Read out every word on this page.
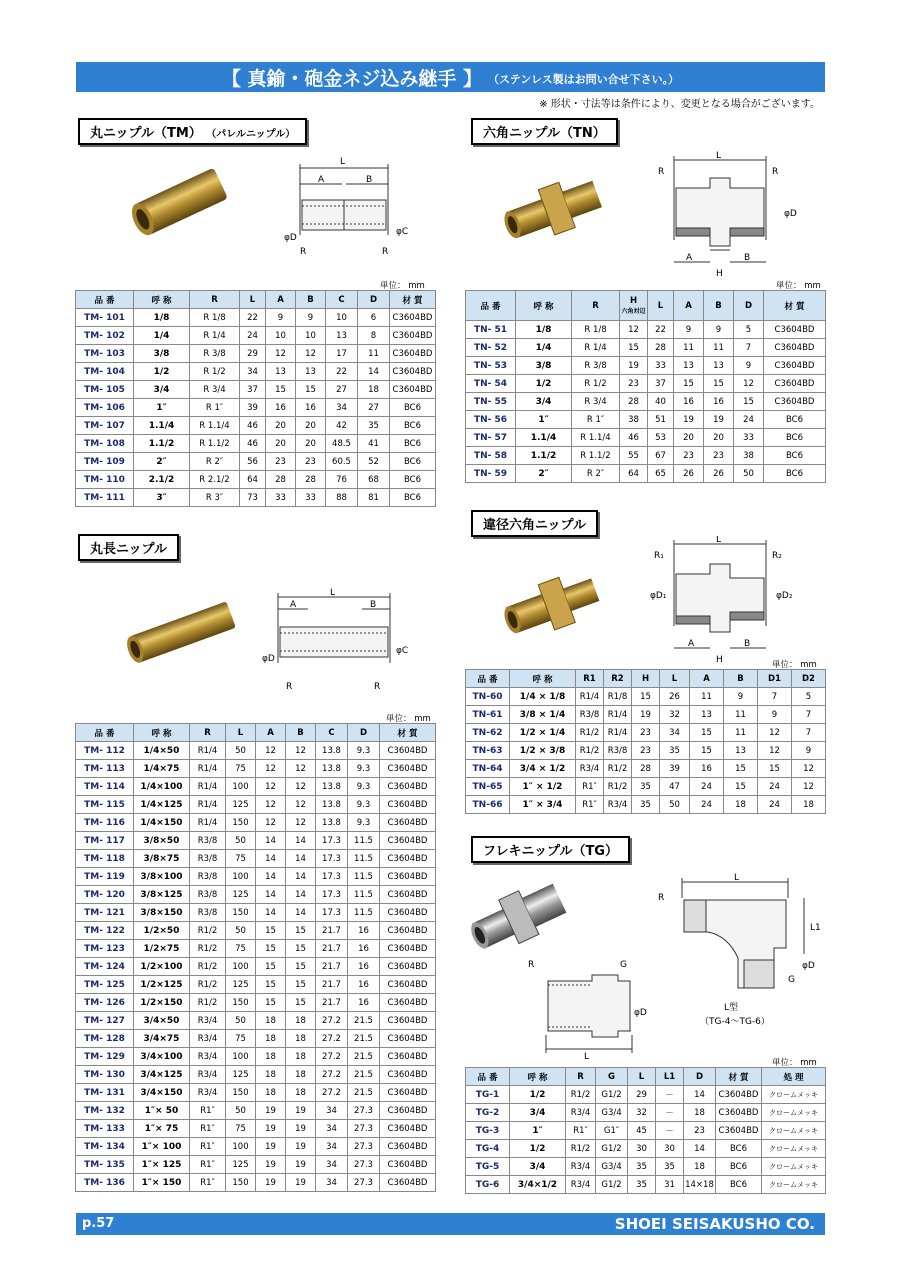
【 真鍮・砲金ネジ込み継手 】 （ステンレス製はお問い合せ下さい。）
※ 形状・寸法等は条件により、変更となる場合がございます。
丸ニップル（TM） （パレルニップル）
L
A	B
φD
φC
R	R
単位： mm
品 番	呼 称	R	L	A	B	C	D	材 質
TM- 101	1/8	R 1/8	22	9	9	10	6	C3604BD
TM- 102	1/4	R 1/4	24	10	10	13	8	C3604BD
TM- 103	3/8	R 3/8	29	12	12	17	11	C3604BD
TM- 104	1/2	R 1/2	34	13	13	22	14	C3604BD
TM- 105	3/4	R 3/4	37	15	15	27	18	C3604BD
TM- 106	1″	R 1″	39	16	16	34	27	BC6
TM- 107	1.1/4	R 1.1/4	46	20	20	42	35	BC6
TM- 108	1.1/2	R 1.1/2	46	20	20	48.5	41	BC6
TM- 109	2″	R 2″	56	23	23	60.5	52	BC6
TM- 110	2.1/2	R 2.1/2	64	28	28	76	68	BC6
TM- 111	3″	R 3″	73	33	33	88	81	BC6
六角ニップル（TN）
L
A	B
H
φD
R	R
単位： mm
品 番	呼 称	R	H
六角対辺	L	A	B	D	材 質
TN- 51	1/8	R 1/8	12	22	9	9	5	C3604BD
TN- 52	1/4	R 1/4	15	28	11	11	7	C3604BD
TN- 53	3/8	R 3/8	19	33	13	13	9	C3604BD
TN- 54	1/2	R 1/2	23	37	15	15	12	C3604BD
TN- 55	3/4	R 3/4	28	40	16	16	15	C3604BD
TN- 56	1″	R 1″	38	51	19	19	24	BC6
TN- 57	1.1/4	R 1.1/4	46	53	20	20	33	BC6
TN- 58	1.1/2	R 1.1/2	55	67	23	23	38	BC6
TN- 59	2″	R 2″	64	65	26	26	50	BC6
丸長ニップル
L
A	B
φD
φC
R	R
単位： mm
品 番	呼 称	R	L	A	B	C	D	材 質
TM- 112	1/4×50	R1/4	50	12	12	13.8	9.3	C3604BD
TM- 113	1/4×75	R1/4	75	12	12	13.8	9.3	C3604BD
TM- 114	1/4×100	R1/4	100	12	12	13.8	9.3	C3604BD
TM- 115	1/4×125	R1/4	125	12	12	13.8	9.3	C3604BD
TM- 116	1/4×150	R1/4	150	12	12	13.8	9.3	C3604BD
TM- 117	3/8×50	R3/8	50	14	14	17.3	11.5	C3604BD
TM- 118	3/8×75	R3/8	75	14	14	17.3	11.5	C3604BD
TM- 119	3/8×100	R3/8	100	14	14	17.3	11.5	C3604BD
TM- 120	3/8×125	R3/8	125	14	14	17.3	11.5	C3604BD
TM- 121	3/8×150	R3/8	150	14	14	17.3	11.5	C3604BD
TM- 122	1/2×50	R1/2	50	15	15	21.7	16	C3604BD
TM- 123	1/2×75	R1/2	75	15	15	21.7	16	C3604BD
TM- 124	1/2×100	R1/2	100	15	15	21.7	16	C3604BD
TM- 125	1/2×125	R1/2	125	15	15	21.7	16	C3604BD
TM- 126	1/2×150	R1/2	150	15	15	21.7	16	C3604BD
TM- 127	3/4×50	R3/4	50	18	18	27.2	21.5	C3604BD
TM- 128	3/4×75	R3/4	75	18	18	27.2	21.5	C3604BD
TM- 129	3/4×100	R3/4	100	18	18	27.2	21.5	C3604BD
TM- 130	3/4×125	R3/4	125	18	18	27.2	21.5	C3604BD
TM- 131	3/4×150	R3/4	150	18	18	27.2	21.5	C3604BD
TM- 132	1″× 50	R1″	50	19	19	34	27.3	C3604BD
TM- 133	1″× 75	R1″	75	19	19	34	27.3	C3604BD
TM- 134	1″× 100	R1″	100	19	19	34	27.3	C3604BD
TM- 135	1″× 125	R1″	125	19	19	34	27.3	C3604BD
TM- 136	1″× 150	R1″	150	19	19	34	27.3	C3604BD
違径六角ニップル
L
A	B
H
φD₁	φD₂
R₁	R₂
単位： mm
品 番	呼 称	R1	R2	H	L	A	B	D1	D2
TN-60	1/4 × 1/8	R1/4	R1/8	15	26	11	9	7	5
TN-61	3/8 × 1/4	R3/8	R1/4	19	32	13	11	9	7
TN-62	1/2 × 1/4	R1/2	R1/4	23	34	15	11	12	7
TN-63	1/2 × 3/8	R1/2	R3/8	23	35	15	13	12	9
TN-64	3/4 × 1/2	R3/4	R1/2	28	39	16	15	15	12
TN-65	1″ × 1/2	R1″	R1/2	35	47	24	15	24	12
TN-66	1″ × 3/4	R1″	R3/4	35	50	24	18	24	18
フレキニップル（TG）
R	G
φD
L
L
L1
R
G
φD
L型
（TG-4～TG-6）
単位： mm
品 番	呼 称	R	G	L	L1	D	材 質	処 理
TG-1	1/2	R1/2	G1/2	29	－	14	C3604BD	クロームメッキ
TG-2	3/4	R3/4	G3/4	32	－	18	C3604BD	クロームメッキ
TG-3	1″	R1″	G1″	45	－	23	C3604BD	クロームメッキ
TG-4	1/2	R1/2	G1/2	30	30	14	BC6	クロームメッキ
TG-5	3/4	R3/4	G3/4	35	35	18	BC6	クロームメッキ
TG-6	3/4×1/2	R3/4	G1/2	35	31	14×18	BC6	クロームメッキ
p.57	SHOEI SEISAKUSHO CO.
